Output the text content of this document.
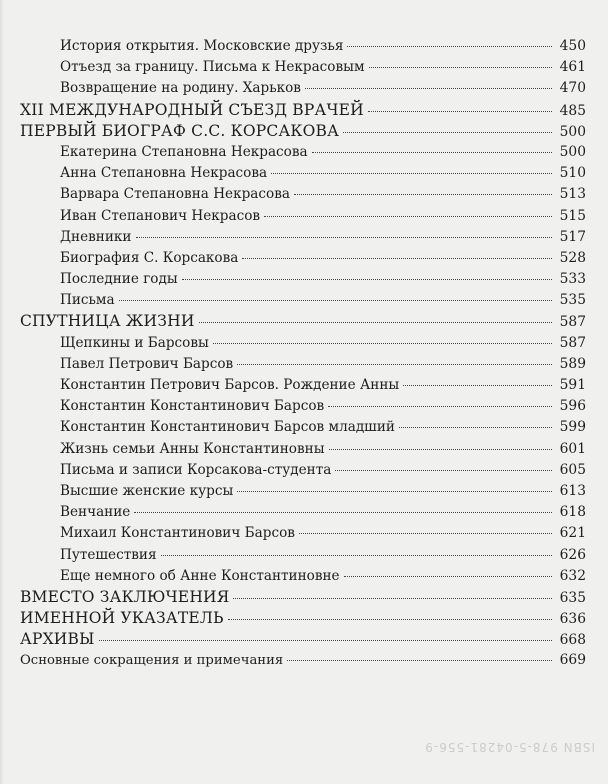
История открытия. Московские друзья	450
Отъезд за границу. Письма к Некрасовым	461
Возвращение на родину. Харьков	470
XII МЕЖДУНАРОДНЫЙ СЪЕЗД ВРАЧЕЙ	485
ПЕРВЫЙ БИОГРАФ С.С. КОРСАКОВА	500
Екатерина Степановна Некрасова	500
Анна Степановна Некрасова	510
Варвара Степановна Некрасова	513
Иван Степанович Некрасов	515
Дневники	517
Биография С. Корсакова	528
Последние годы	533
Письма	535
СПУТНИЦА ЖИЗНИ	587
Щепкины и Барсовы	587
Павел Петрович Барсов	589
Константин Петрович Барсов. Рождение Анны	591
Константин Константинович Барсов	596
Константин Константинович Барсов младший	599
Жизнь семьи Анны Константиновны	601
Письма и записи Корсакова-студента	605
Высшие женские курсы	613
Венчание	618
Михаил Константинович Барсов	621
Путешествия	626
Еще немного об Анне Константиновне	632
ВМЕСТО ЗАКЛЮЧЕНИЯ	635
ИМЕННОЙ УКАЗАТЕЛЬ	636
АРХИВЫ	668
Основные сокращения и примечания	669
ISBN 978-5-04281-556-9
